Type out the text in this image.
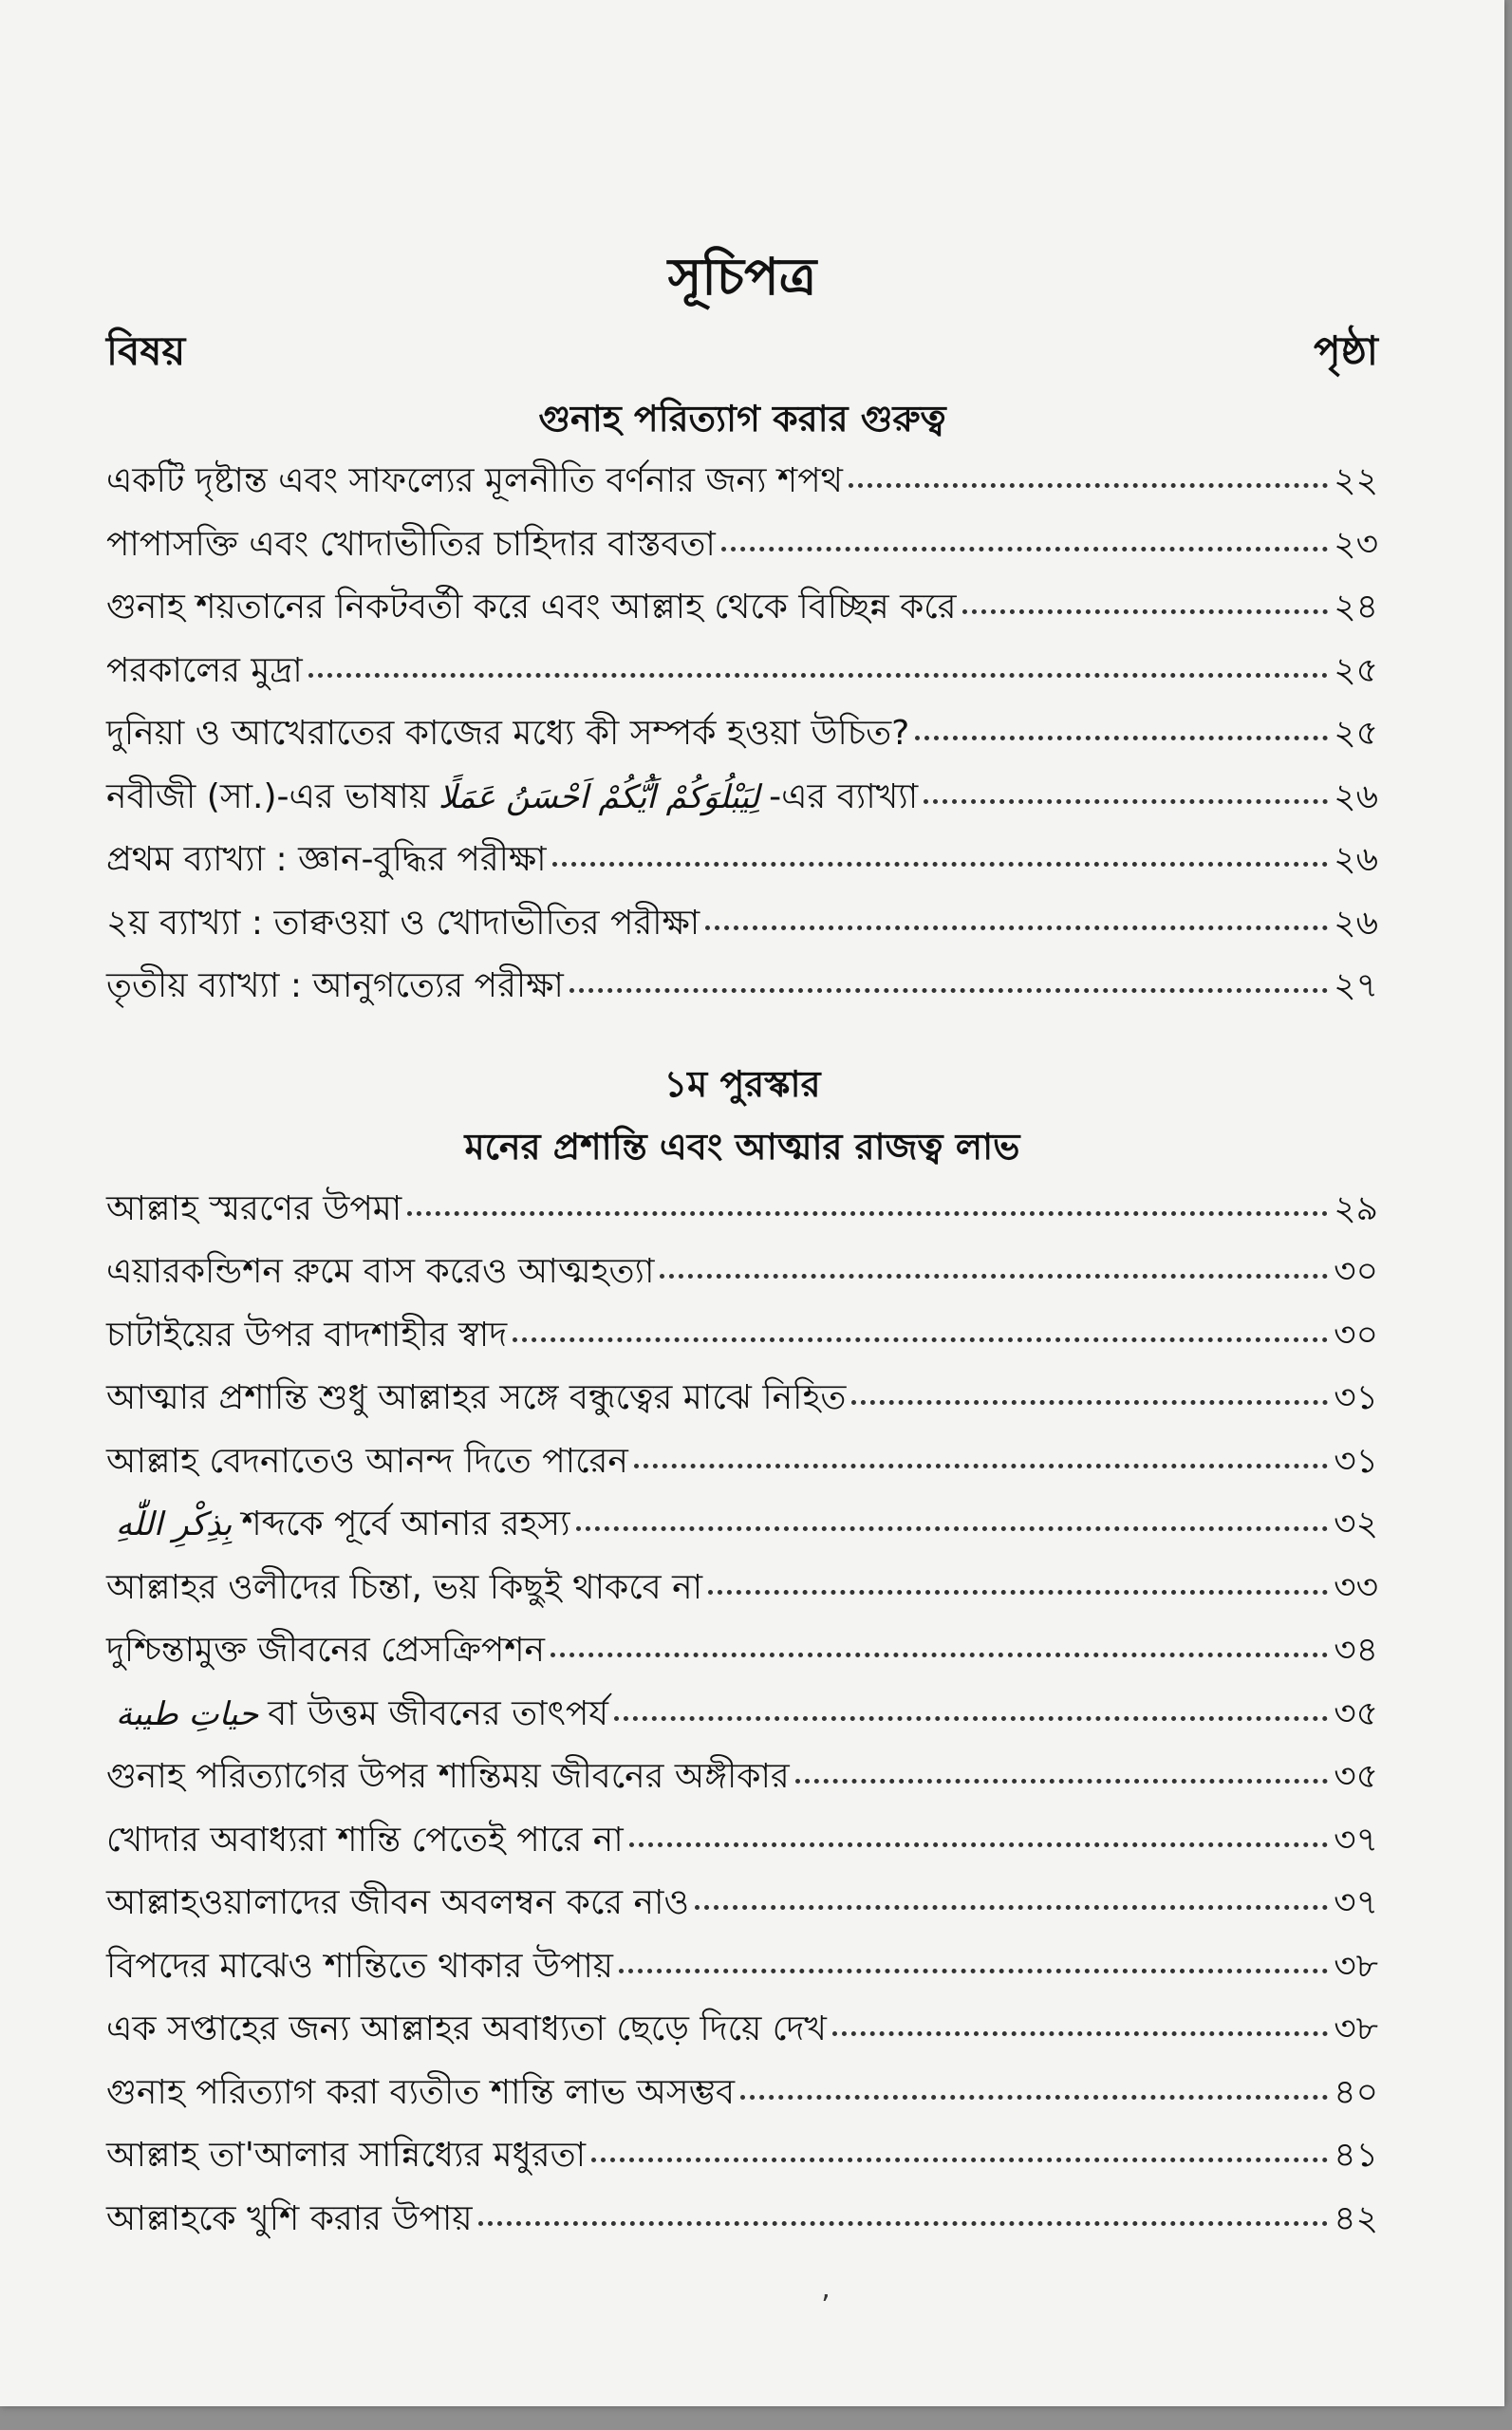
সূচিপত্র
বিষয়	পৃষ্ঠা
গুনাহ পরিত্যাগ করার গুরুত্ব
একটি দৃষ্টান্ত এবং সাফল্যের মূলনীতি বর্ণনার জন্য শপথ	২২
পাপাসক্তি এবং খোদাভীতির চাহিদার বাস্তবতা	২৩
গুনাহ শয়তানের নিকটবর্তী করে এবং আল্লাহ থেকে বিচ্ছিন্ন করে	২৪
পরকালের মুদ্রা	২৫
দুনিয়া ও আখেরাতের কাজের মধ্যে কী সম্পর্ক হওয়া উচিত?	২৫
নবীজী (সা.)-এর ভাষায় لِيَبْلُوَكُمْ اَيُّكُمْ اَحْسَنُ عَمَلًا -এর ব্যাখ্যা	২৬
প্রথম ব্যাখ্যা : জ্ঞান-বুদ্ধির পরীক্ষা	২৬
২য় ব্যাখ্যা : তাক্বওয়া ও খোদাভীতির পরীক্ষা	২৬
তৃতীয় ব্যাখ্যা : আনুগত্যের পরীক্ষা	২৭
১ম পুরস্কার
মনের প্রশান্তি এবং আত্মার রাজত্ব লাভ
আল্লাহ স্মরণের উপমা	২৯
এয়ারকন্ডিশন রুমে বাস করেও আত্মহত্যা	৩০
চাটাইয়ের উপর বাদশাহীর স্বাদ	৩০
আত্মার প্রশান্তি শুধু আল্লাহর সঙ্গে বন্ধুত্বের মাঝে নিহিত	৩১
আল্লাহ বেদনাতেও আনন্দ দিতে পারেন	৩১
بِذِكْرِ اللّٰهِ শব্দকে পূর্বে আনার রহস্য	৩২
আল্লাহর ওলীদের চিন্তা, ভয় কিছুই থাকবে না	৩৩
দুশ্চিন্তামুক্ত জীবনের প্রেসক্রিপশন	৩৪
حياتِ طيبة বা উত্তম জীবনের তাৎপর্য	৩৫
গুনাহ পরিত্যাগের উপর শান্তিময় জীবনের অঙ্গীকার	৩৫
খোদার অবাধ্যরা শান্তি পেতেই পারে না	৩৭
আল্লাহওয়ালাদের জীবন অবলম্বন করে নাও	৩৭
বিপদের মাঝেও শান্তিতে থাকার উপায়	৩৮
এক সপ্তাহের জন্য আল্লাহর অবাধ্যতা ছেড়ে দিয়ে দেখ	৩৮
গুনাহ পরিত্যাগ করা ব্যতীত শান্তি লাভ অসম্ভব	৪০
আল্লাহ তা'আলার সান্নিধ্যের মধুরতা	৪১
আল্লাহকে খুশি করার উপায়	৪২
ʼ
